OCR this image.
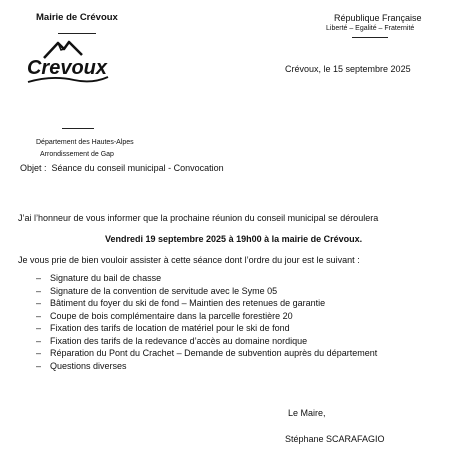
Mairie de Crévoux
Crevoux
Département des Hautes-Alpes
Arrondissement de Gap
République Française
Liberté – Egalité – Fraternité
Crévoux, le 15 septembre 2025
Objet : Séance du conseil municipal - Convocation
J’ai l’honneur de vous informer que la prochaine réunion du conseil municipal se déroulera
Vendredi 19 septembre 2025 à 19h00 à la mairie de Crévoux.
Je vous prie de bien vouloir assister à cette séance dont l’ordre du jour est le suivant :
– Signature du bail de chasse
– Signature de la convention de servitude avec le Syme 05
– Bâtiment du foyer du ski de fond – Maintien des retenues de garantie
– Coupe de bois complémentaire dans la parcelle forestière 20
– Fixation des tarifs de location de matériel pour le ski de fond
– Fixation des tarifs de la redevance d’accès au domaine nordique
– Réparation du Pont du Crachet – Demande de subvention auprès du département
– Questions diverses
Le Maire,
Stéphane SCARAFAGIO
